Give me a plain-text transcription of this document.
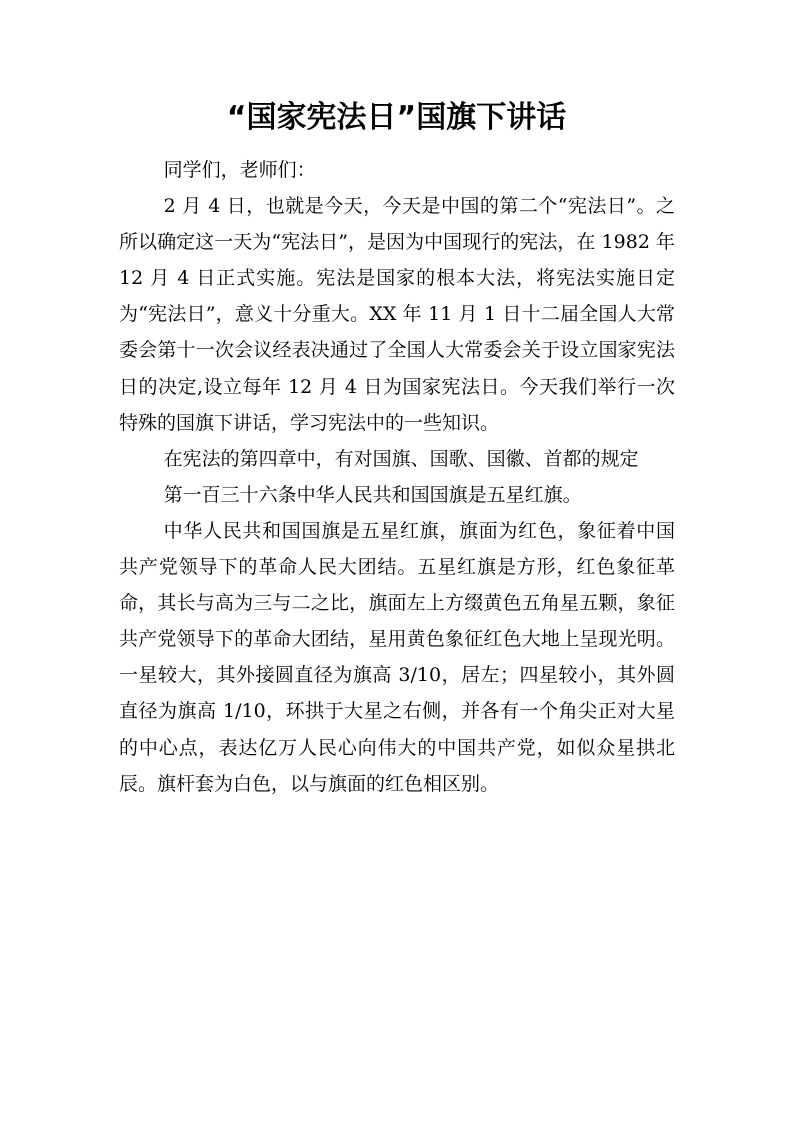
“国家宪法日”国旗下讲话

同学们，老师们：

2 月 4 日，也就是今天，今天是中国的第二个“宪法日”。之所以确定这一天为“宪法日”，是因为中国现行的宪法，在 1982 年 12 月 4 日正式实施。宪法是国家的根本大法，将宪法实施日定为“宪法日”，意义十分重大。XX 年 11 月 1 日十二届全国人大常委会第十一次会议经表决通过了全国人大常委会关于设立国家宪法日的决定,设立每年 12 月 4 日为国家宪法日。今天我们举行一次特殊的国旗下讲话，学习宪法中的一些知识。

在宪法的第四章中，有对国旗、国歌、国徽、首都的规定

第一百三十六条中华人民共和国国旗是五星红旗。

中华人民共和国国旗是五星红旗，旗面为红色，象征着中国共产党领导下的革命人民大团结。五星红旗是方形，红色象征革命，其长与高为三与二之比，旗面左上方缀黄色五角星五颗，象征共产党领导下的革命大团结，星用黄色象征红色大地上呈现光明。一星较大，其外接圆直径为旗高 3/10，居左；四星较小，其外圆直径为旗高 1/10，环拱于大星之右侧，并各有一个角尖正对大星的中心点，表达亿万人民心向伟大的中国共产党，如似众星拱北辰。旗杆套为白色，以与旗面的红色相区别。
